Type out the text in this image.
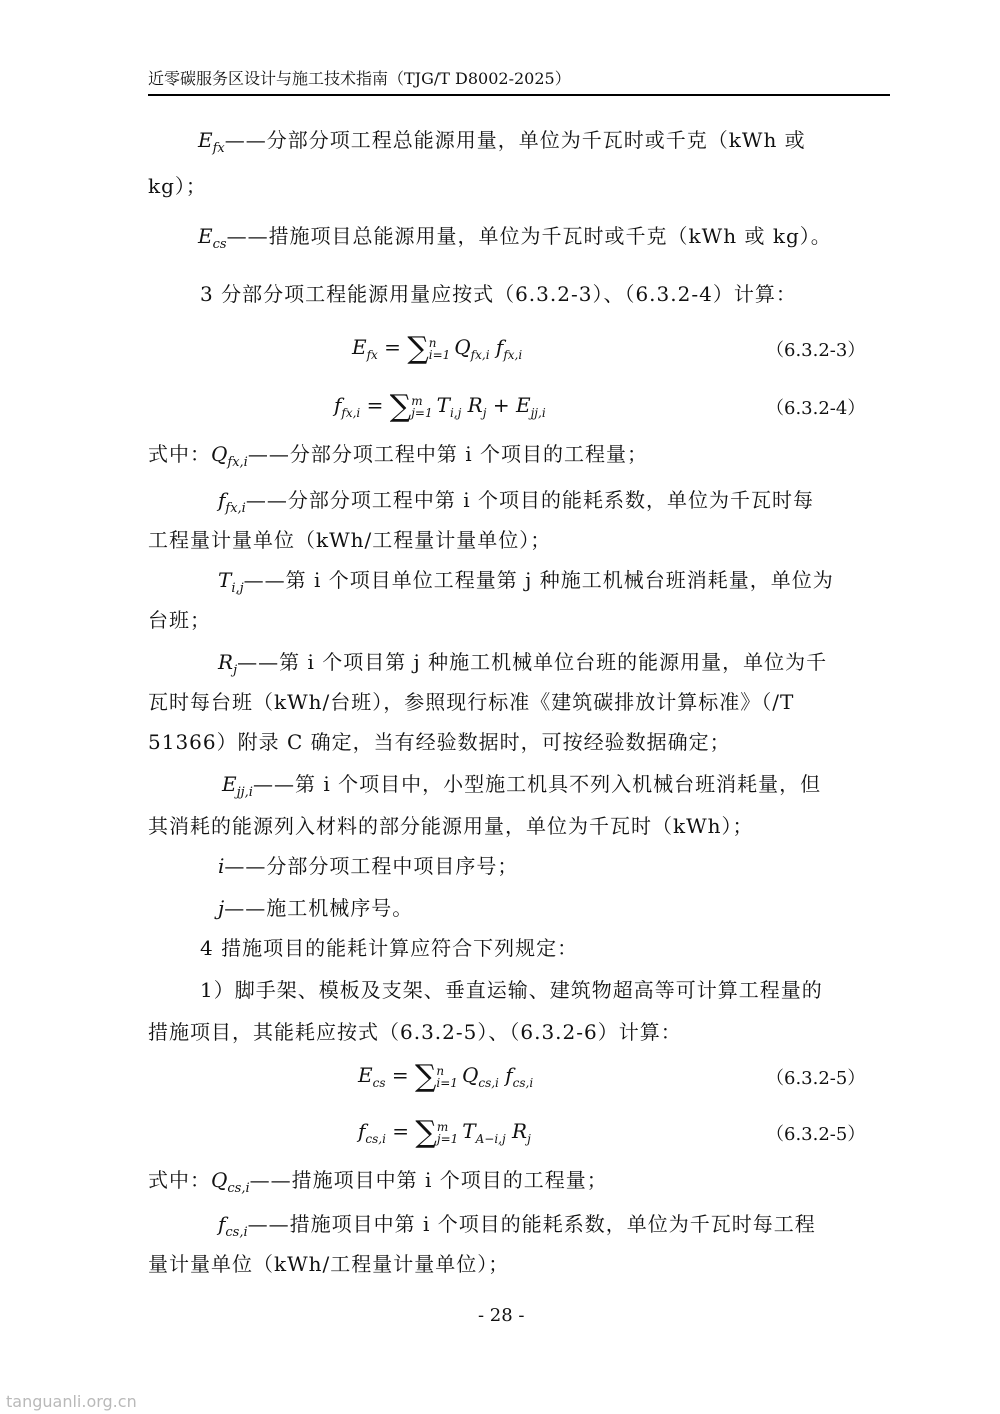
近零碳服务区设计与施工技术指南（TJG/T D8002-2025）
$E_{fx}——$分部分项工程总能源用量，单位为千瓦时或千克（kWh 或
kg）；
$E_{cs}——$措施项目总能源用量，单位为千瓦时或千克（kWh 或 kg）。
3 分部分项工程能源用量应按式（6.3.2-3）、（6.3.2-4）计算：
$E_{fx}$ = ∑ n
i=1 $Q_{fx,i}$ $f_{fx,i}$	（6.3.2-3）
$f_{fx,i}$ = ∑ m
j=1 $T_{i,j}$ $R_j + E_{jj,i}$	（6.3.2-4）
式中：$Q_{fx,i}——$分部分项工程中第 i 个项目的工程量；
$f_{fx,i}——$分部分项工程中第 i 个项目的能耗系数，单位为千瓦时每
工程量计量单位（kWh/工程量计量单位）；
$T_{i,j}——$第 i 个项目单位工程量第 j 种施工机械台班消耗量，单位为
台班；
$R_j——$第 i 个项目第 j 种施工机械单位台班的能源用量，单位为千
瓦时每台班（kWh/台班），参照现行标准《建筑碳排放计算标准》（/T
51366）附录 C 确定，当有经验数据时，可按经验数据确定；
$E_{jj,i}——$第 i 个项目中，小型施工机具不列入机械台班消耗量，但
其消耗的能源列入材料的部分能源用量，单位为千瓦时（kWh）；
i——分部分项工程中项目序号；
j——施工机械序号。
4 措施项目的能耗计算应符合下列规定：
1）脚手架、模板及支架、垂直运输、建筑物超高等可计算工程量的
措施项目，其能耗应按式（6.3.2-5）、（6.3.2-6）计算：
$E_{cs}$ = ∑ n
i=1 $Q_{cs,i}$ $f_{cs,i}$	（6.3.2-5）
$f_{cs,i}$ = ∑ m
j=1 $T_{A-i,j}$ $R_j$	（6.3.2-5）
式中：$Q_{cs,i}——$措施项目中第 i 个项目的工程量；
$f_{cs,i}——$措施项目中第 i 个项目的能耗系数，单位为千瓦时每工程
量计量单位（kWh/工程量计量单位）；
- 28 -
tanguanli.org.cn
